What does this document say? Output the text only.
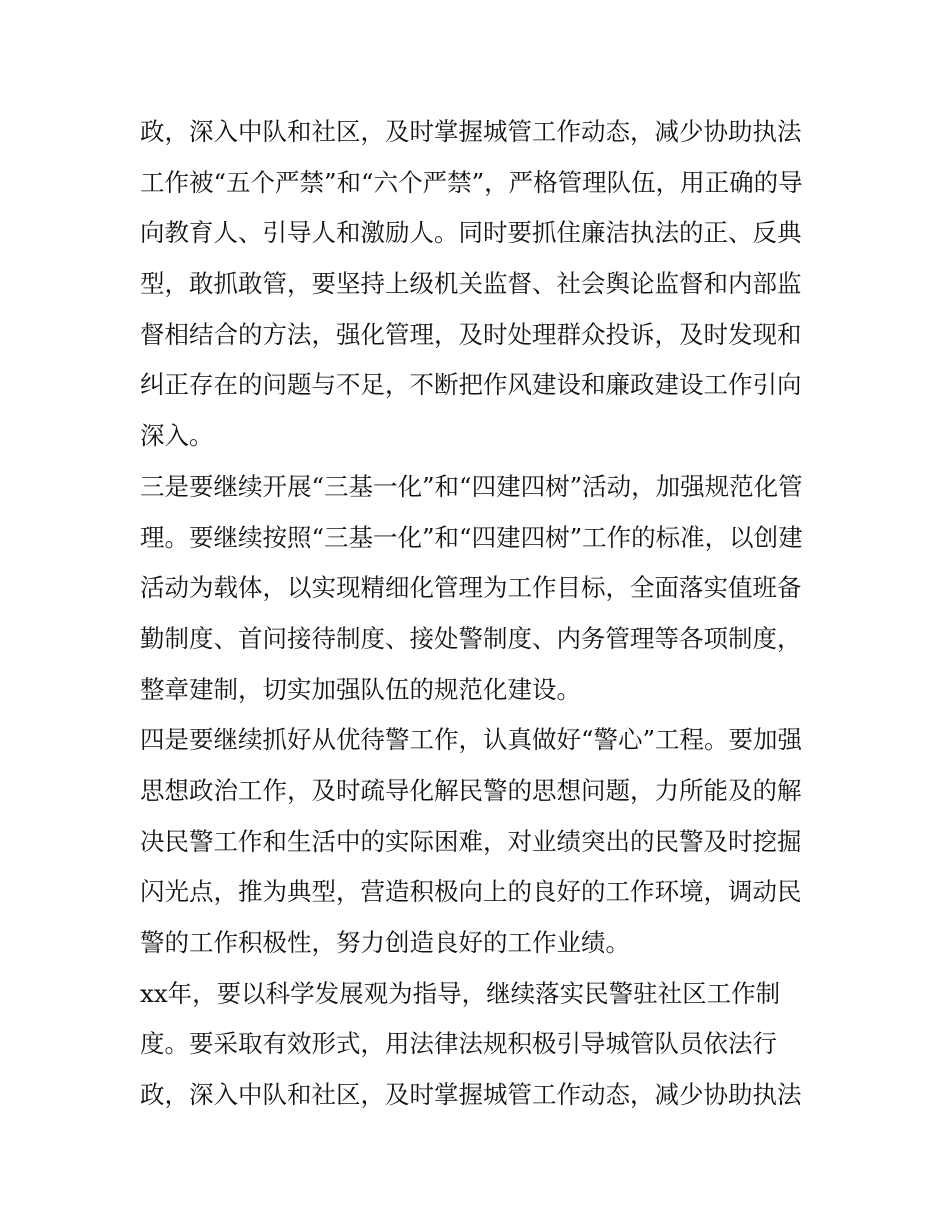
政，深入中队和社区，及时掌握城管工作动态，减少协助执法
工作被“五个严禁”和“六个严禁”，严格管理队伍，用正确的导
向教育人、引导人和激励人。同时要抓住廉洁执法的正、反典
型，敢抓敢管，要坚持上级机关监督、社会舆论监督和内部监
督相结合的方法，强化管理，及时处理群众投诉，及时发现和
纠正存在的问题与不足，不断把作风建设和廉政建设工作引向
深入。
三是要继续开展“三基一化”和“四建四树”活动，加强规范化管
理。要继续按照“三基一化”和“四建四树”工作的标准，以创建
活动为载体，以实现精细化管理为工作目标，全面落实值班备
勤制度、首问接待制度、接处警制度、内务管理等各项制度，
整章建制，切实加强队伍的规范化建设。
四是要继续抓好从优待警工作，认真做好“警心”工程。要加强
思想政治工作，及时疏导化解民警的思想问题，力所能及的解
决民警工作和生活中的实际困难，对业绩突出的民警及时挖掘
闪光点，推为典型，营造积极向上的良好的工作环境，调动民
警的工作积极性，努力创造良好的工作业绩。
xx年，要以科学发展观为指导，继续落实民警驻社区工作制
度。要采取有效形式，用法律法规积极引导城管队员依法行
政，深入中队和社区，及时掌握城管工作动态，减少协助执法
